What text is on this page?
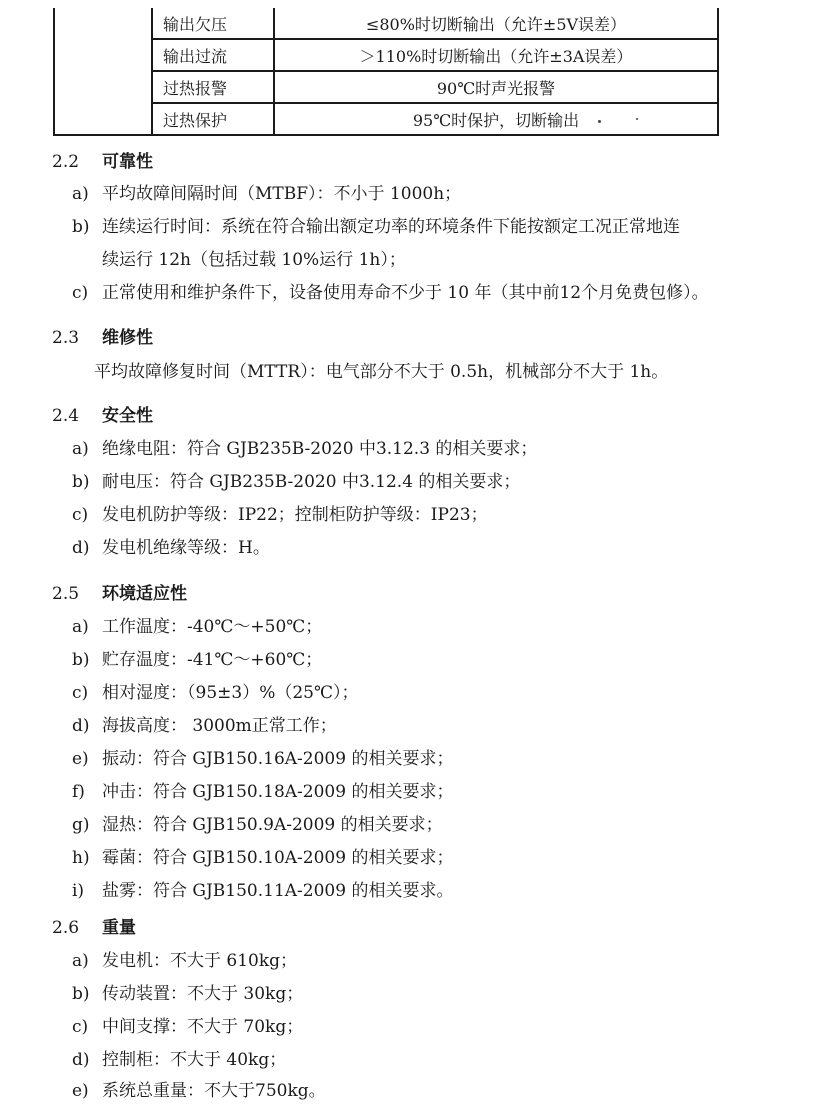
	输出欠压	≤80%时切断输出（允许±5V误差）
	输出过流	＞110%时切断输出（允许±3A误差）
	过热报警	90℃时声光报警
	过热保护	95℃时保护，切断输出
2.2 可靠性
a) 平均故障间隔时间（MTBF）：不小于 1000h；
b) 连续运行时间：系统在符合输出额定功率的环境条件下能按额定工况正常地连
续运行 12h（包括过载 10%运行 1h）；
c) 正常使用和维护条件下，设备使用寿命不少于 10 年（其中前12个月免费包修）。
2.3 维修性
平均故障修复时间（MTTR）：电气部分不大于 0.5h，机械部分不大于 1h。
2.4 安全性
a) 绝缘电阻：符合 GJB235B-2020 中3.12.3 的相关要求；
b) 耐电压：符合 GJB235B-2020 中3.12.4 的相关要求；
c) 发电机防护等级：IP22；控制柜防护等级：IP23；
d) 发电机绝缘等级：H。
2.5 环境适应性
a) 工作温度：-40℃～+50℃；
b) 贮存温度：-41℃～+60℃；
c) 相对湿度：（95±3）%（25℃）；
d) 海拔高度： 3000m正常工作；
e) 振动：符合 GJB150.16A-2009 的相关要求；
f) 冲击：符合 GJB150.18A-2009 的相关要求；
g) 湿热：符合 GJB150.9A-2009 的相关要求；
h) 霉菌：符合 GJB150.10A-2009 的相关要求；
i) 盐雾：符合 GJB150.11A-2009 的相关要求。
2.6 重量
a) 发电机：不大于 610kg；
b) 传动装置：不大于 30kg；
c) 中间支撑：不大于 70kg；
d) 控制柜：不大于 40kg；
e) 系统总重量：不大于750kg。
